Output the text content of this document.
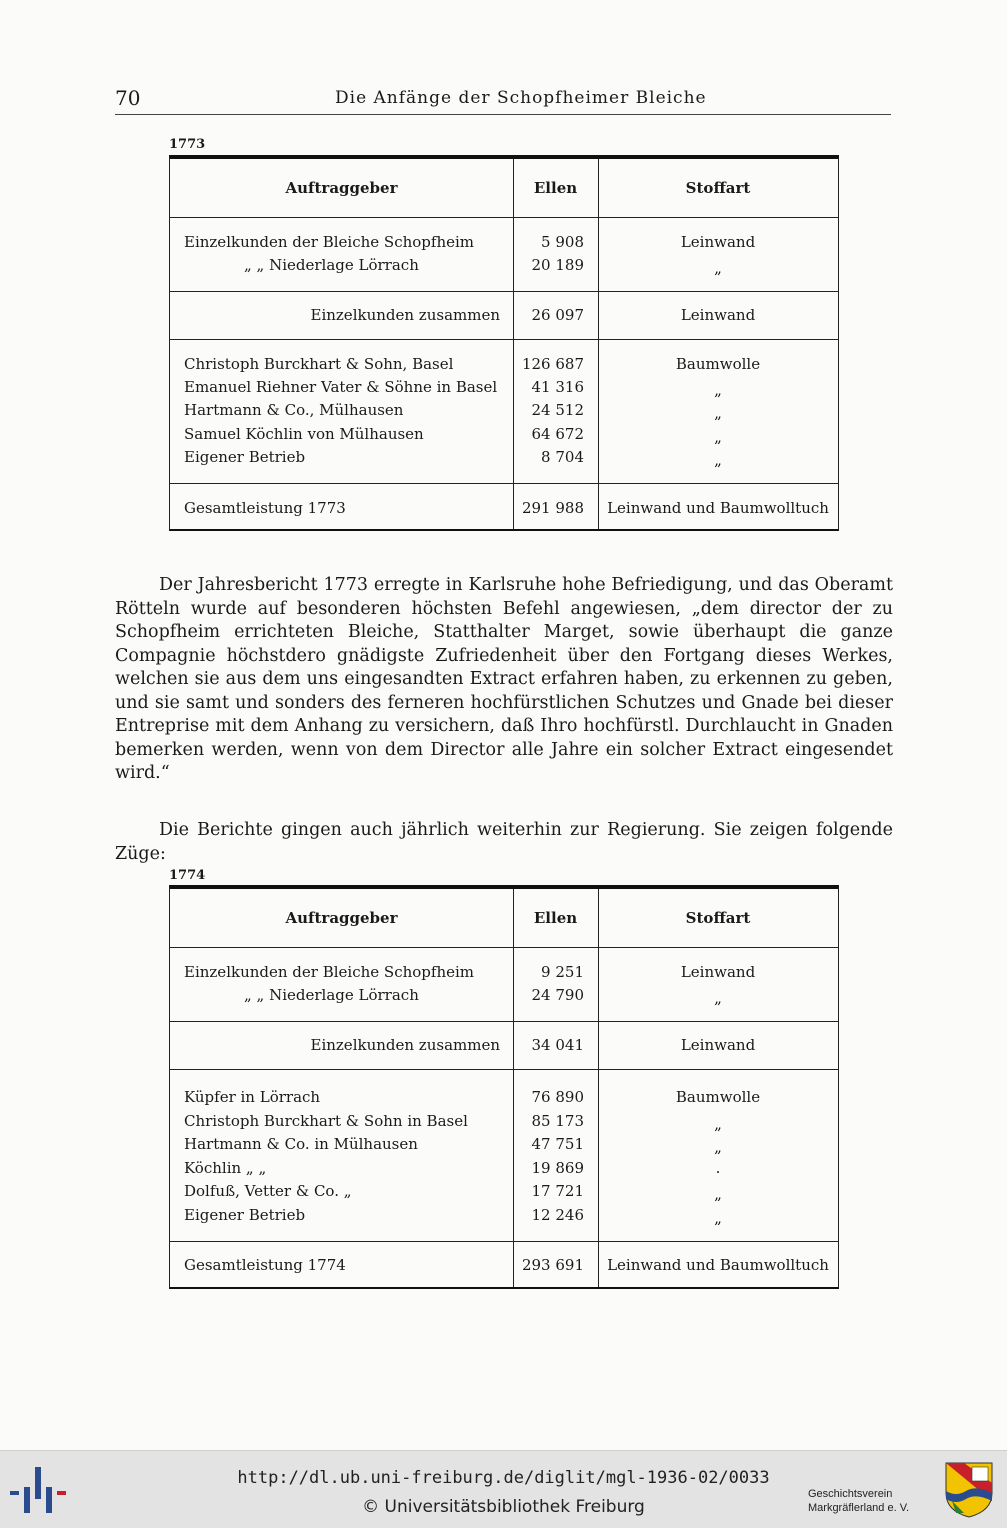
70	Die Anfänge der Schopfheimer Bleiche
1773
Auftraggeber	Ellen	Stoffart
Einzelkunden der Bleiche Schopfheim	5 908	Leinwand
„ „ Niederlage Lörrach	20 189	„
Einzelkunden zusammen	26 097	Leinwand
Christoph Burckhart & Sohn, Basel	126 687	Baumwolle
Emanuel Riehner Vater & Söhne in Basel	41 316	„
Hartmann & Co., Mülhausen	24 512	„
Samuel Köchlin von Mülhausen	64 672	„
Eigener Betrieb	8 704	„
Gesamtleistung 1773	291 988	Leinwand und Baumwolltuch

Der Jahresbericht 1773 erregte in Karlsruhe hohe Befriedigung, und das Oberamt Rötteln wurde auf besonderen höchsten Befehl angewiesen, „dem director der zu Schopfheim errichteten Bleiche, Statthalter Marget, sowie überhaupt die ganze Compagnie höchstdero gnädigste Zufriedenheit über den Fortgang dieses Werkes, welchen sie aus dem uns eingesandten Extract erfahren haben, zu erkennen zu geben, und sie samt und sonders des ferneren hochfürstlichen Schutzes und Gnade bei dieser Entreprise mit dem Anhang zu versichern, daß Ihro hochfürstl. Durchlaucht in Gnaden bemerken werden, wenn von dem Director alle Jahre ein solcher Extract eingesendet wird.“

Die Berichte gingen auch jährlich weiterhin zur Regierung. Sie zeigen folgende Züge:

1774
Auftraggeber	Ellen	Stoffart
Einzelkunden der Bleiche Schopfheim	9 251	Leinwand
„ „ Niederlage Lörrach	24 790	„
Einzelkunden zusammen	34 041	Leinwand
Küpfer in Lörrach	76 890	Baumwolle
Christoph Burckhart & Sohn in Basel	85 173	„
Hartmann & Co. in Mülhausen	47 751	„
Köchlin „ „	19 869	.
Dolfuß, Vetter & Co. „	17 721	„
Eigener Betrieb	12 246	„
Gesamtleistung 1774	293 691	Leinwand und Baumwolltuch
http://dl.ub.uni-freiburg.de/diglit/mgl-1936-02/0033
© Universitätsbibliothek Freiburg
Geschichtsverein
Markgräflerland e. V.
